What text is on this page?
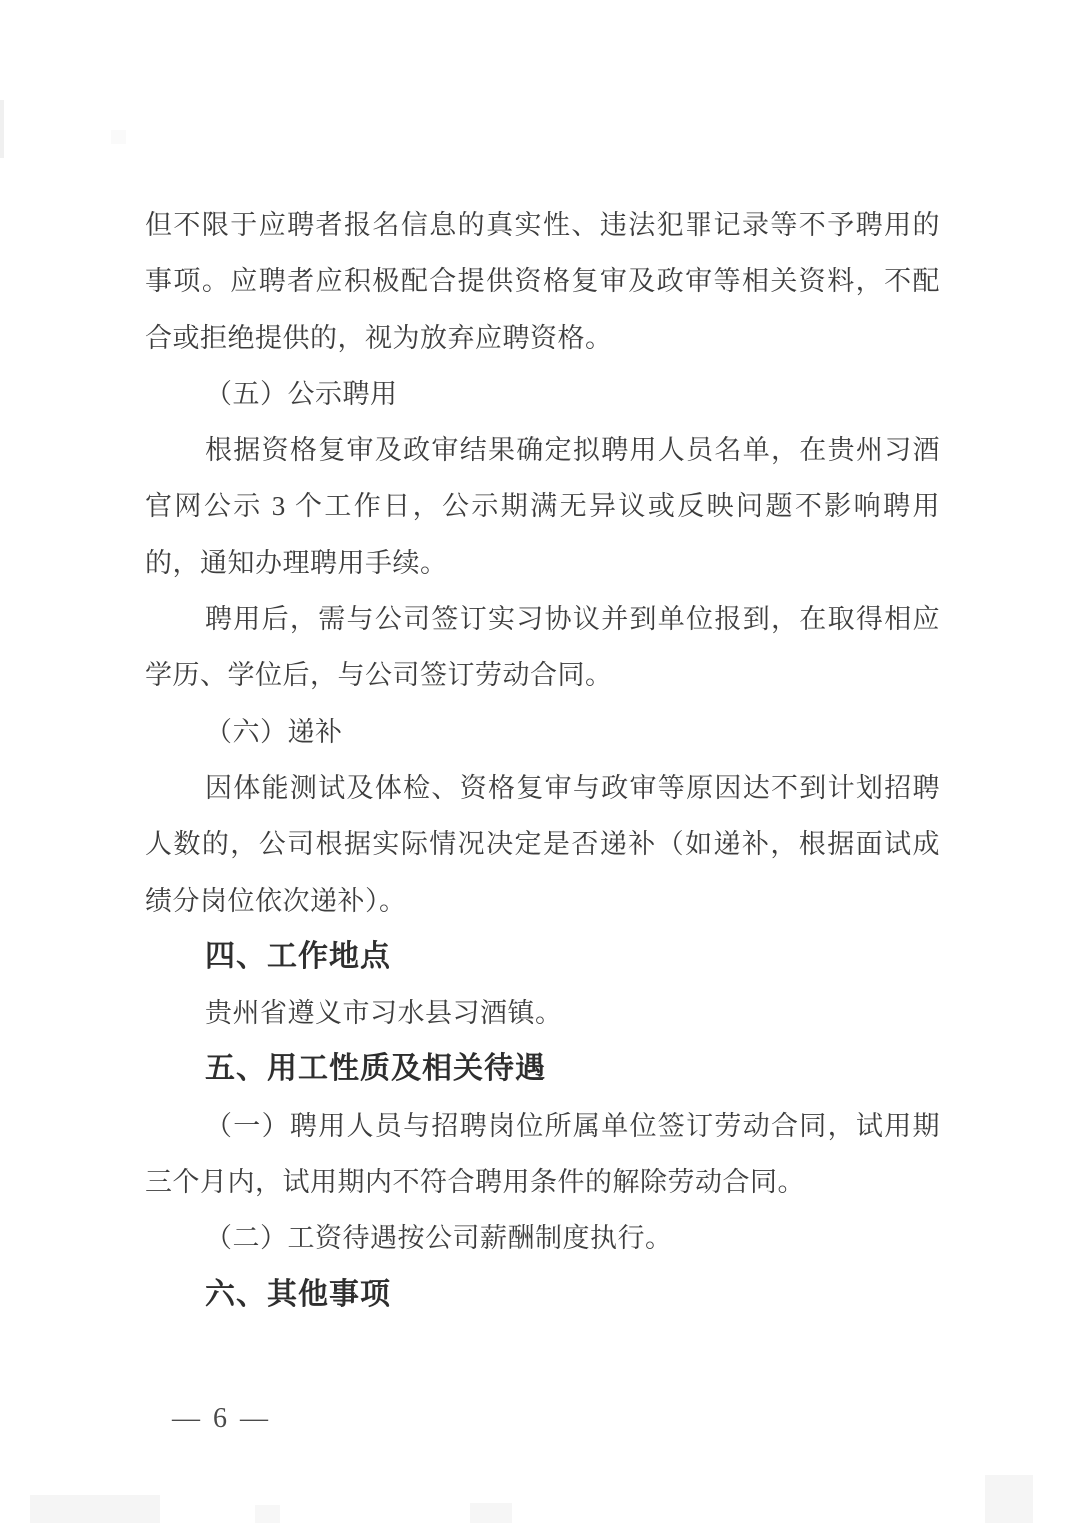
但不限于应聘者报名信息的真实性、违法犯罪记录等不予聘用的
事项。应聘者应积极配合提供资格复审及政审等相关资料，不配
合或拒绝提供的，视为放弃应聘资格。
（五）公示聘用
根据资格复审及政审结果确定拟聘用人员名单，在贵州习酒
官网公示 3 个工作日，公示期满无异议或反映问题不影响聘用
的，通知办理聘用手续。
聘用后，需与公司签订实习协议并到单位报到，在取得相应
学历、学位后，与公司签订劳动合同。
（六）递补
因体能测试及体检、资格复审与政审等原因达不到计划招聘
人数的，公司根据实际情况决定是否递补（如递补，根据面试成
绩分岗位依次递补）。
四、工作地点
贵州省遵义市习水县习酒镇。
五、用工性质及相关待遇
（一）聘用人员与招聘岗位所属单位签订劳动合同，试用期
三个月内，试用期内不符合聘用条件的解除劳动合同。
（二）工资待遇按公司薪酬制度执行。
六、其他事项
— 6 —
